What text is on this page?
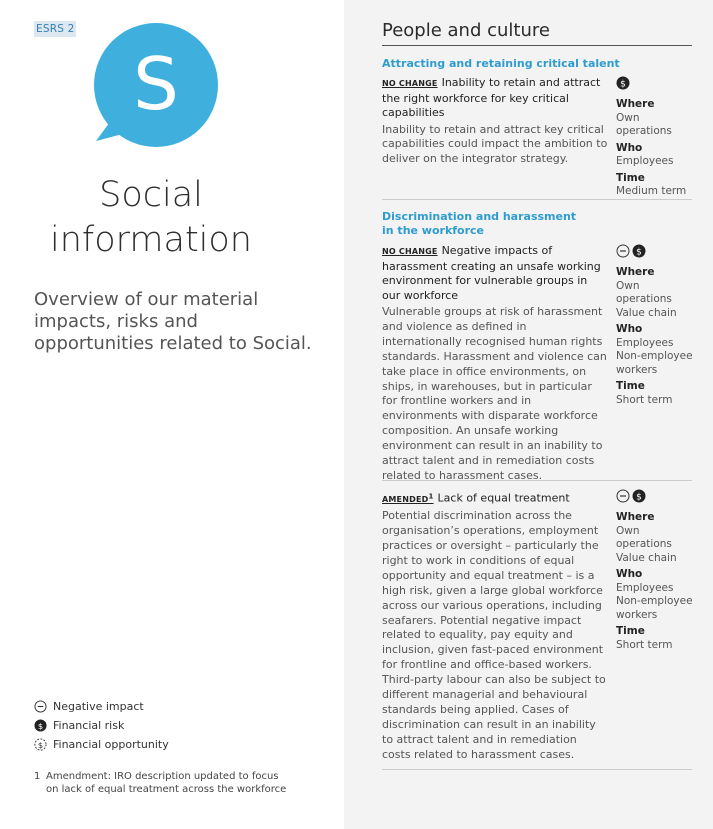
ESRS 2
S
Social
information
Overview of our material impacts, risks and opportunities related to Social.
Negative impact
$ Financial risk
$ Financial opportunity
1 Amendment: IRO description updated to focus
on lack of equal treatment across the workforce
People and culture
Attracting and retaining critical talent
NO CHANGE Inability to retain and attract the right workforce for key critical capabilities
Inability to retain and attract key critical capabilities could impact the ambition to deliver on the integrator strategy.
$
Where
Own operations
Who
Employees
Time
Medium term
Discrimination and harassment
in the workforce
NO CHANGE Negative impacts of harassment creating an unsafe working environment for vulnerable groups in our workforce
Vulnerable groups at risk of harassment and violence as defined in internationally recognised human rights standards. Harassment and violence can take place in office environments, on ships, in warehouses, but in particular for frontline workers and in environments with disparate workforce composition. An unsafe working environment can result in an inability to attract talent and in remediation costs related to harassment cases.
$
Where
Own operations
Value chain
Who
Employees
Non-employee workers
Time
Short term
AMENDED$^1$ Lack of equal treatment
Potential discrimination across the organisation’s operations, employment practices or oversight – particularly the right to work in conditions of equal opportunity and equal treatment – is a high risk, given a large global workforce across our various operations, including seafarers. Potential negative impact related to equality, pay equity and inclusion, given fast-paced environment for frontline and office-based workers. Third-party labour can also be subject to different managerial and behavioural standards being applied. Cases of discrimination can result in an inability to attract talent and in remediation costs related to harassment cases.
$
Where
Own operations
Value chain
Who
Employees
Non-employee workers
Time
Short term
